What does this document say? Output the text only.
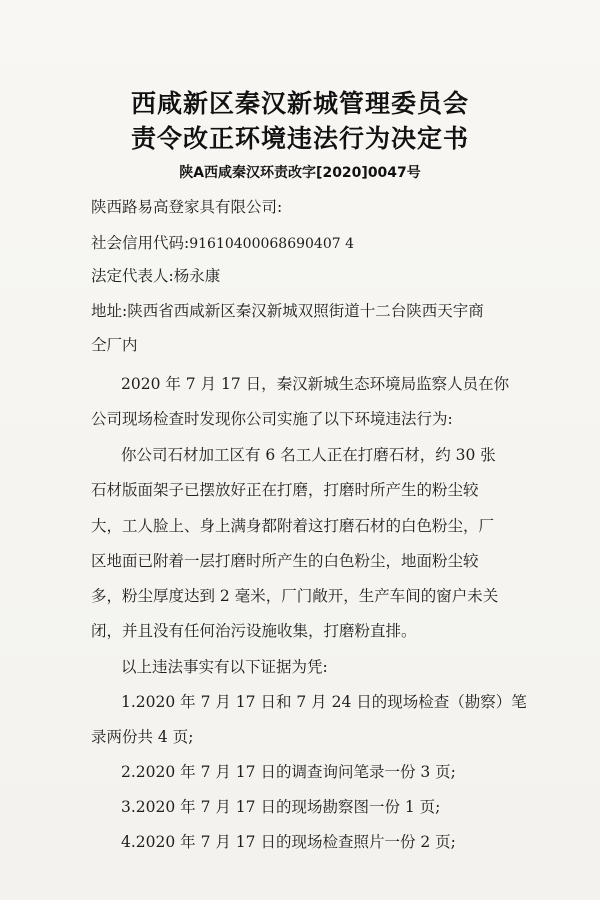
西咸新区秦汉新城管理委员会
责令改正环境违法行为决定书
陕A西咸秦汉环责改字[2020]0047号
陕西路易高登家具有限公司:
社会信用代码:91610400068690407 4
法定代表人:杨永康
地址:陕西省西咸新区秦汉新城双照街道十二台陕西天宇商
仝厂内
2020 年 7 月 17 日，秦汉新城生态环境局监察人员在你
公司现场检查时发现你公司实施了以下环境违法行为:
你公司石材加工区有 6 名工人正在打磨石材，约 30 张
石材版面架子已摆放好正在打磨，打磨时所产生的粉尘较
大，工人脸上、身上满身都附着这打磨石材的白色粉尘，厂
区地面已附着一层打磨时所产生的白色粉尘，地面粉尘较
多，粉尘厚度达到 2 毫米，厂门敞开，生产车间的窗户未关
闭，并且没有任何治污设施收集，打磨粉直排。
以上违法事实有以下证据为凭:
1.2020 年 7 月 17 日和 7 月 24 日的现场检查（勘察）笔
录两份共 4 页;
2.2020 年 7 月 17 日的调查询问笔录一份 3 页;
3.2020 年 7 月 17 日的现场勘察图一份 1 页;
4.2020 年 7 月 17 日的现场检查照片一份 2 页;
